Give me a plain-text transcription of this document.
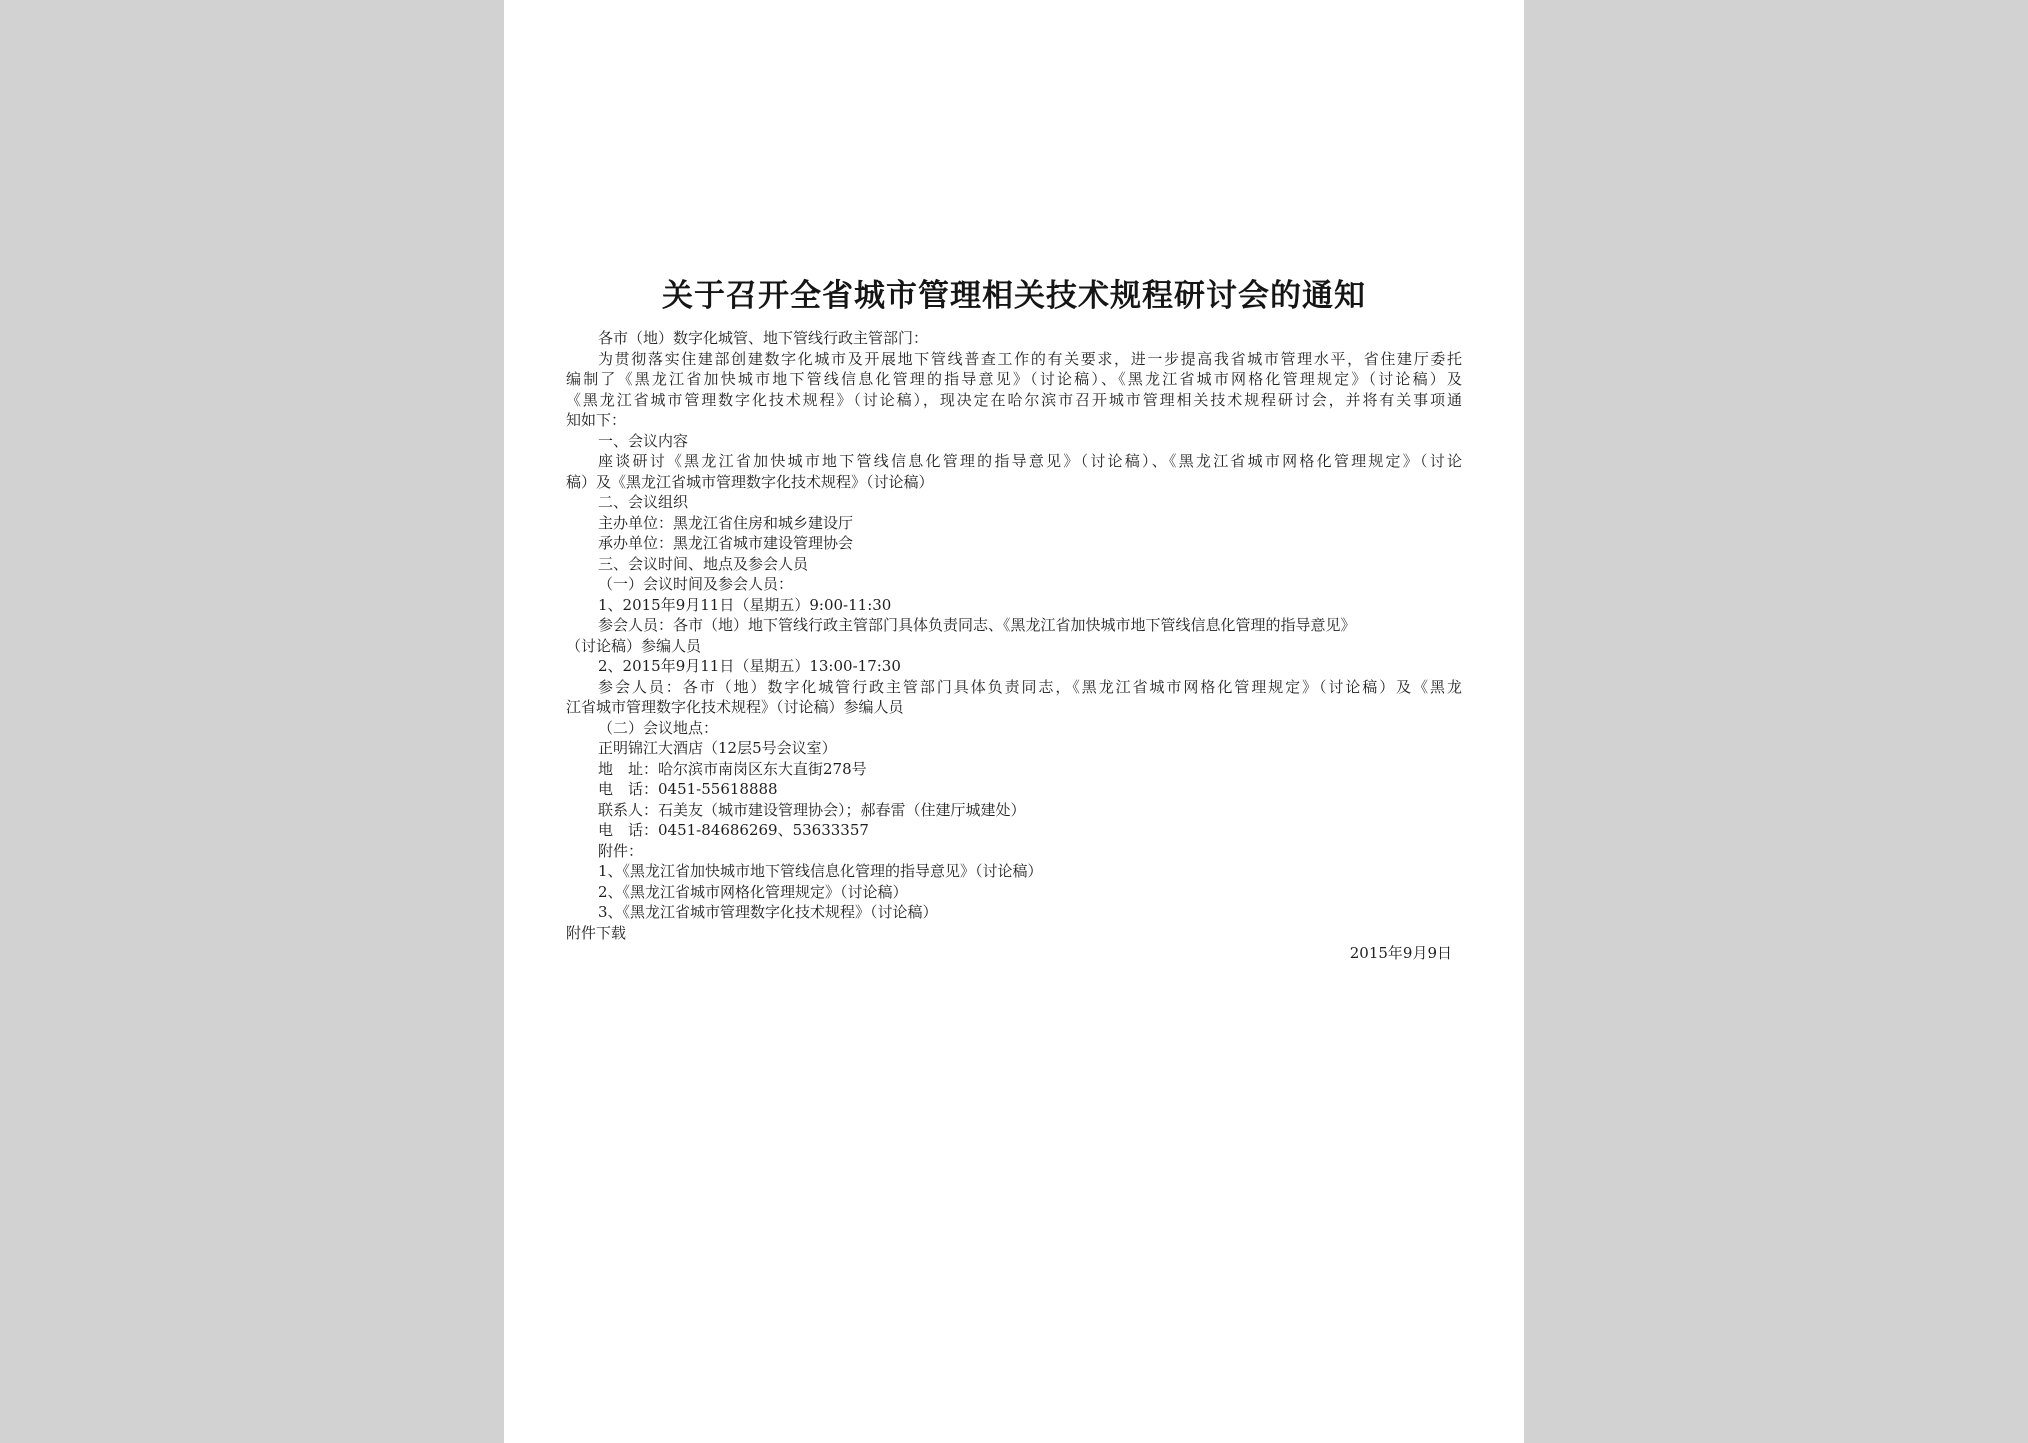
关于召开全省城市管理相关技术规程研讨会的通知
各市（地）数字化城管、地下管线行政主管部门：
为贯彻落实住建部创建数字化城市及开展地下管线普查工作的有关要求，进一步提高我省城市管理水平，省住建厅委托
编制了《黑龙江省加快城市地下管线信息化管理的指导意见》（讨论稿）、《黑龙江省城市网格化管理规定》（讨论稿）及
《黑龙江省城市管理数字化技术规程》（讨论稿），现决定在哈尔滨市召开城市管理相关技术规程研讨会，并将有关事项通
知如下：
一、会议内容
座谈研讨《黑龙江省加快城市地下管线信息化管理的指导意见》（讨论稿）、《黑龙江省城市网格化管理规定》（讨论
稿）及《黑龙江省城市管理数字化技术规程》（讨论稿）
二、会议组织
主办单位：黑龙江省住房和城乡建设厅
承办单位：黑龙江省城市建设管理协会
三、会议时间、地点及参会人员
（一）会议时间及参会人员：
1、2015年9月11日（星期五）9:00-11:30
参会人员：各市（地）地下管线行政主管部门具体负责同志、《黑龙江省加快城市地下管线信息化管理的指导意见》
（讨论稿）参编人员
2、2015年9月11日（星期五）13:00-17:30
参会人员：各市（地）数字化城管行政主管部门具体负责同志，《黑龙江省城市网格化管理规定》（讨论稿）及《黑龙
江省城市管理数字化技术规程》（讨论稿）参编人员
（二）会议地点：
正明锦江大酒店（12层5号会议室）
地　址：哈尔滨市南岗区东大直街278号
电　话：0451-55618888
联系人：石美友（城市建设管理协会）；郝春雷（住建厅城建处）
电　话：0451-84686269、53633357
附件：
1、《黑龙江省加快城市地下管线信息化管理的指导意见》（讨论稿）
2、《黑龙江省城市网格化管理规定》（讨论稿）
3、《黑龙江省城市管理数字化技术规程》（讨论稿）
附件下载
2015年9月9日
